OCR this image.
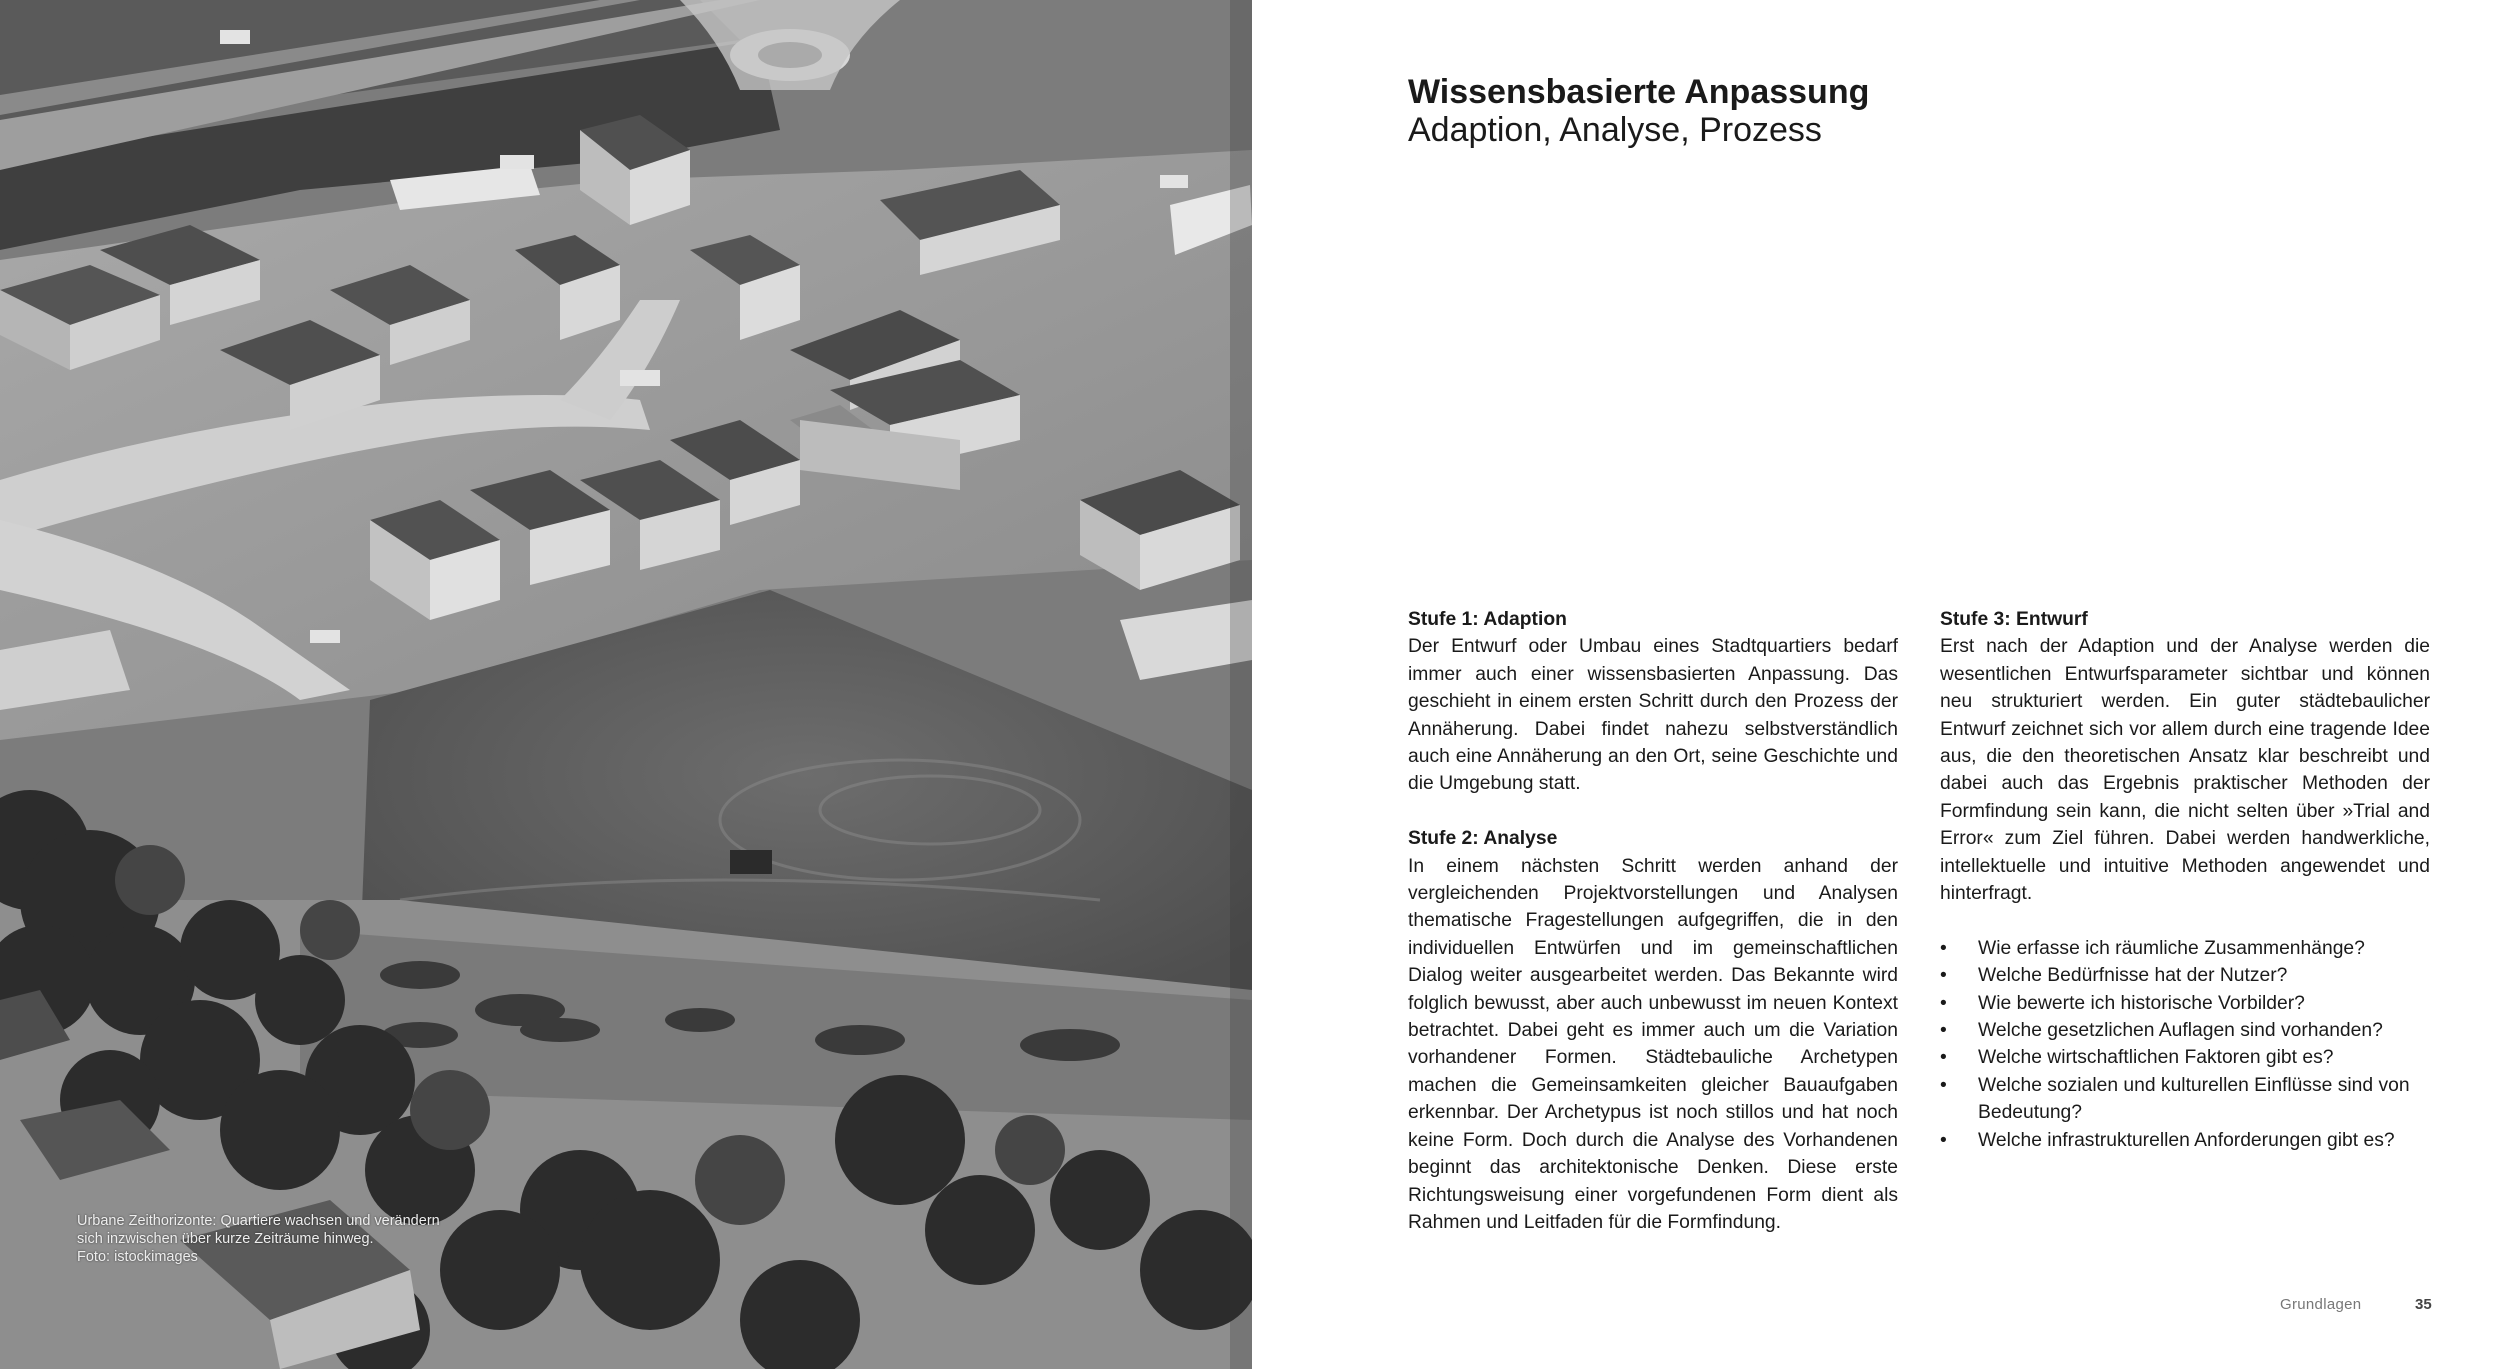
Urbane Zeithorizonte: Quartiere wachsen und verändern
sich inzwischen über kurze Zeiträume hinweg.
Foto: istockimages
Wissensbasierte Anpassung
Adaption, Analyse, Prozess
Stufe 1: Adaption

Der Entwurf oder Umbau eines Stadtquartiers bedarf immer auch einer wissensbasierten Anpassung. Das geschieht in einem ersten Schritt durch den Prozess der Annäherung. Dabei findet nahezu selbstverständlich auch eine Annäherung an den Ort, seine Geschichte und die Umgebung statt.

Stufe 2: Analyse

In einem nächsten Schritt werden anhand der vergleichenden Projektvorstellungen und Analysen thematische Fragestellungen aufgegriffen, die in den individuellen Entwürfen und im gemeinschaftlichen Dialog weiter ausgearbeitet werden. Das Bekannte wird folglich bewusst, aber auch unbewusst im neuen Kontext betrachtet. Dabei geht es immer auch um die Variation vorhandener Formen. Städtebauliche Archetypen machen die Gemeinsamkeiten gleicher Bauaufgaben erkennbar. Der Archetypus ist noch stillos und hat noch keine Form. Doch durch die Analyse des Vorhandenen beginnt das architektonische Denken. Diese erste Richtungsweisung einer vorgefundenen Form dient als Rahmen und Leitfaden für die Formfindung.

Stufe 3: Entwurf

Erst nach der Adaption und der Analyse werden die wesentlichen Entwurfsparameter sichtbar und können neu strukturiert werden. Ein guter städtebaulicher Entwurf zeichnet sich vor allem durch eine tragende Idee aus, die den theoretischen Ansatz klar beschreibt und dabei auch das Ergebnis praktischer Methoden der Formfindung sein kann, die nicht selten über »Trial and Error« zum Ziel führen. Dabei werden handwerkliche, intellektuelle und intuitive Methoden angewendet und hinterfragt.

• Wie erfasse ich räumliche Zusammenhänge?
• Welche Bedürfnisse hat der Nutzer?
• Wie bewerte ich historische Vorbilder?
• Welche gesetzlichen Auflagen sind vorhanden?
• Welche wirtschaftlichen Faktoren gibt es?
• Welche sozialen und kulturellen Einflüsse sind von Bedeutung?
• Welche infrastrukturellen Anforderungen gibt es?
Grundlagen	35
